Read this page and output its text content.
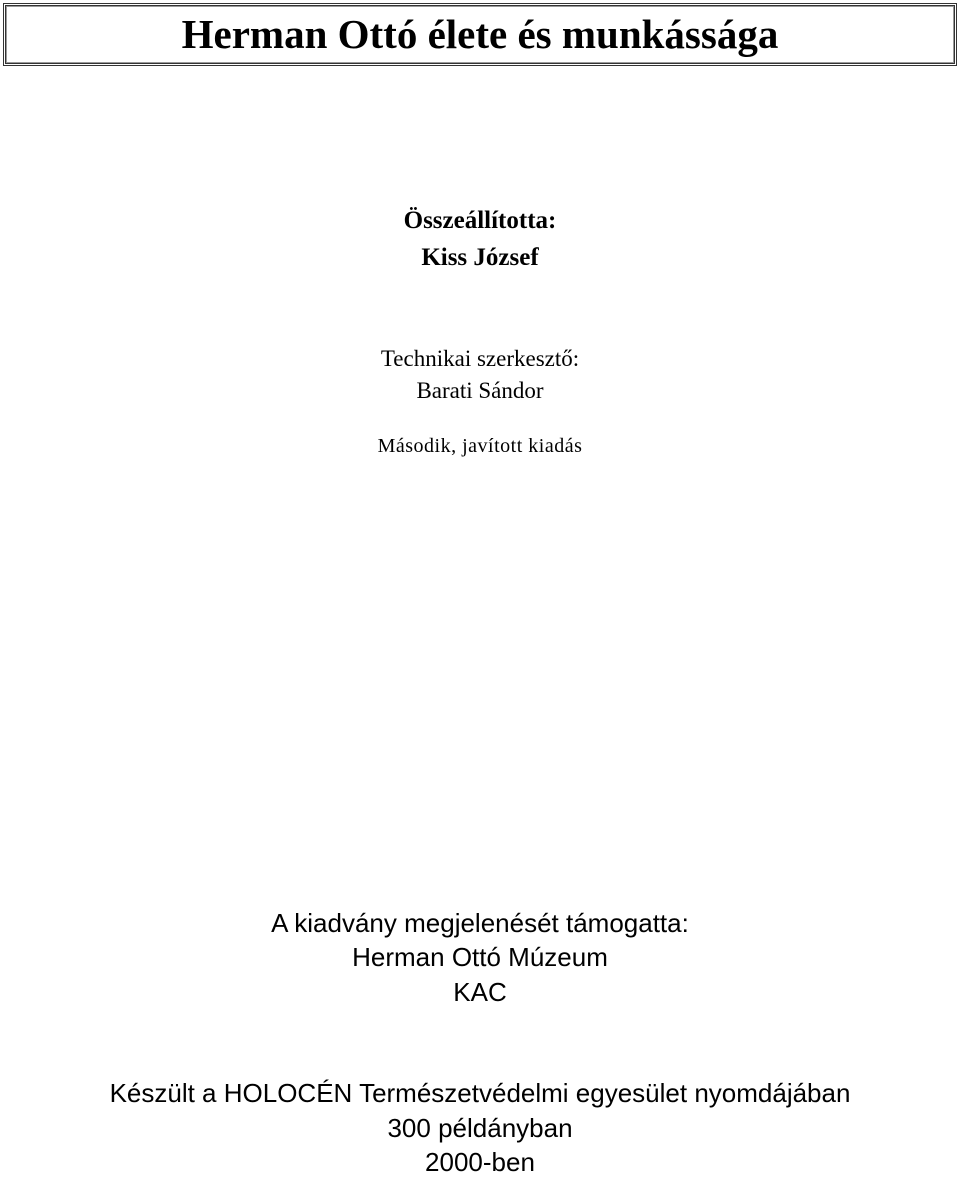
Herman Ottó élete és munkássága
Összeállította:
Kiss József
Technikai szerkesztő:
Barati Sándor
Második, javított kiadás
A kiadvány megjelenését támogatta:
Herman Ottó Múzeum
KAC
Készült a HOLOCÉN Természetvédelmi egyesület nyomdájában
300 példányban
2000-ben
